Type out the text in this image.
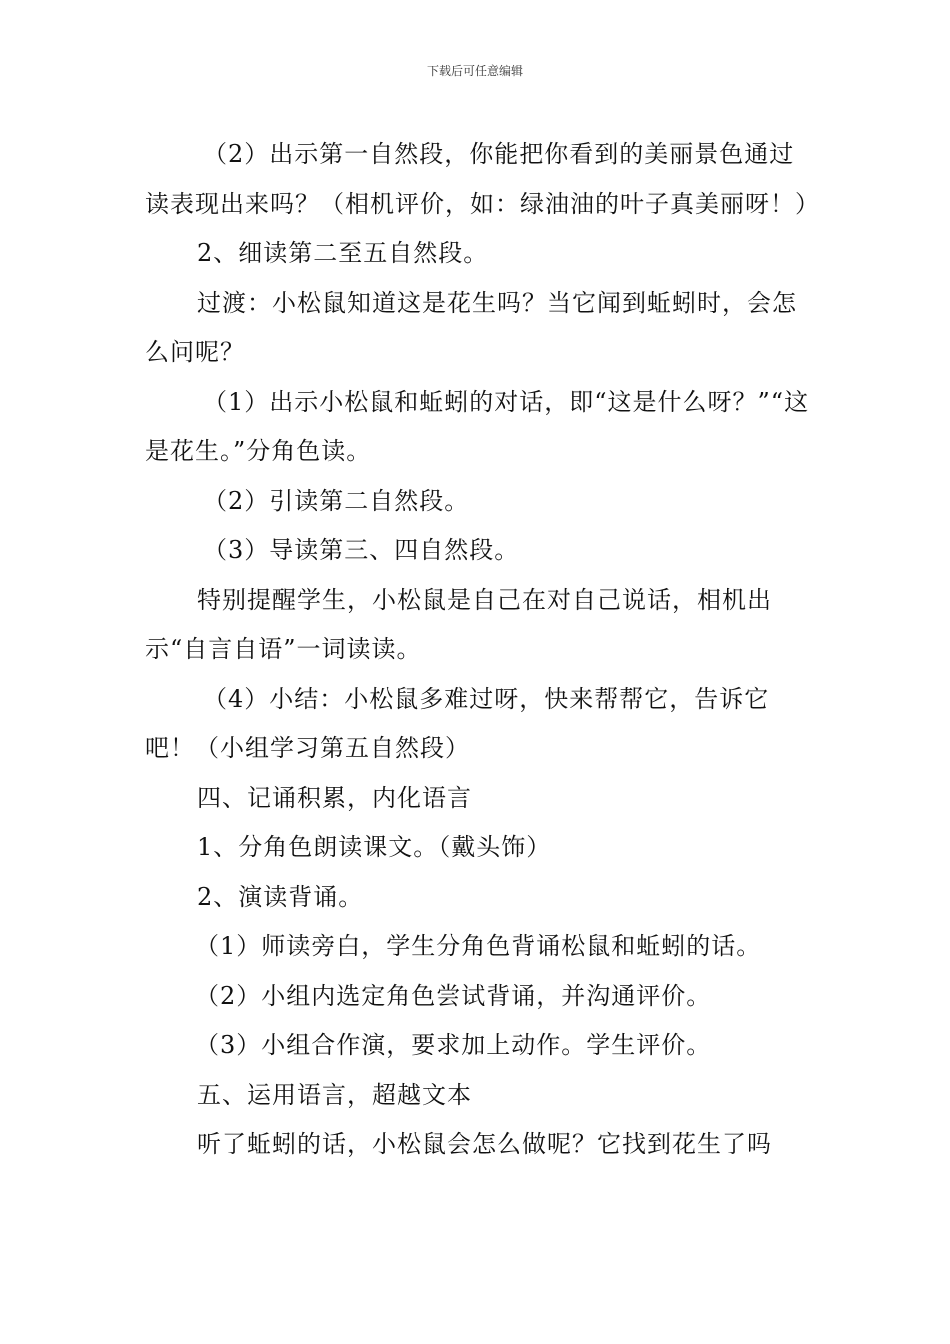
下载后可任意编辑

（2）出示第一自然段，你能把你看到的美丽景色通过读表现出来吗？（相机评价，如：绿油油的叶子真美丽呀！）

2、细读第二至五自然段。

过渡：小松鼠知道这是花生吗？当它闻到蚯蚓时，会怎么问呢？

（1）出示小松鼠和蚯蚓的对话，即“这是什么呀？”“这是花生。”分角色读。

（2）引读第二自然段。

（3）导读第三、四自然段。

特别提醒学生，小松鼠是自己在对自己说话，相机出示“自言自语”一词读读。

（4）小结：小松鼠多难过呀，快来帮帮它，告诉它吧！（小组学习第五自然段）

四、记诵积累，内化语言

1、分角色朗读课文。（戴头饰）

2、演读背诵。

（1）师读旁白，学生分角色背诵松鼠和蚯蚓的话。

（2）小组内选定角色尝试背诵，并沟通评价。

（3）小组合作演，要求加上动作。学生评价。

五、运用语言，超越文本

听了蚯蚓的话，小松鼠会怎么做呢？它找到花生了吗
